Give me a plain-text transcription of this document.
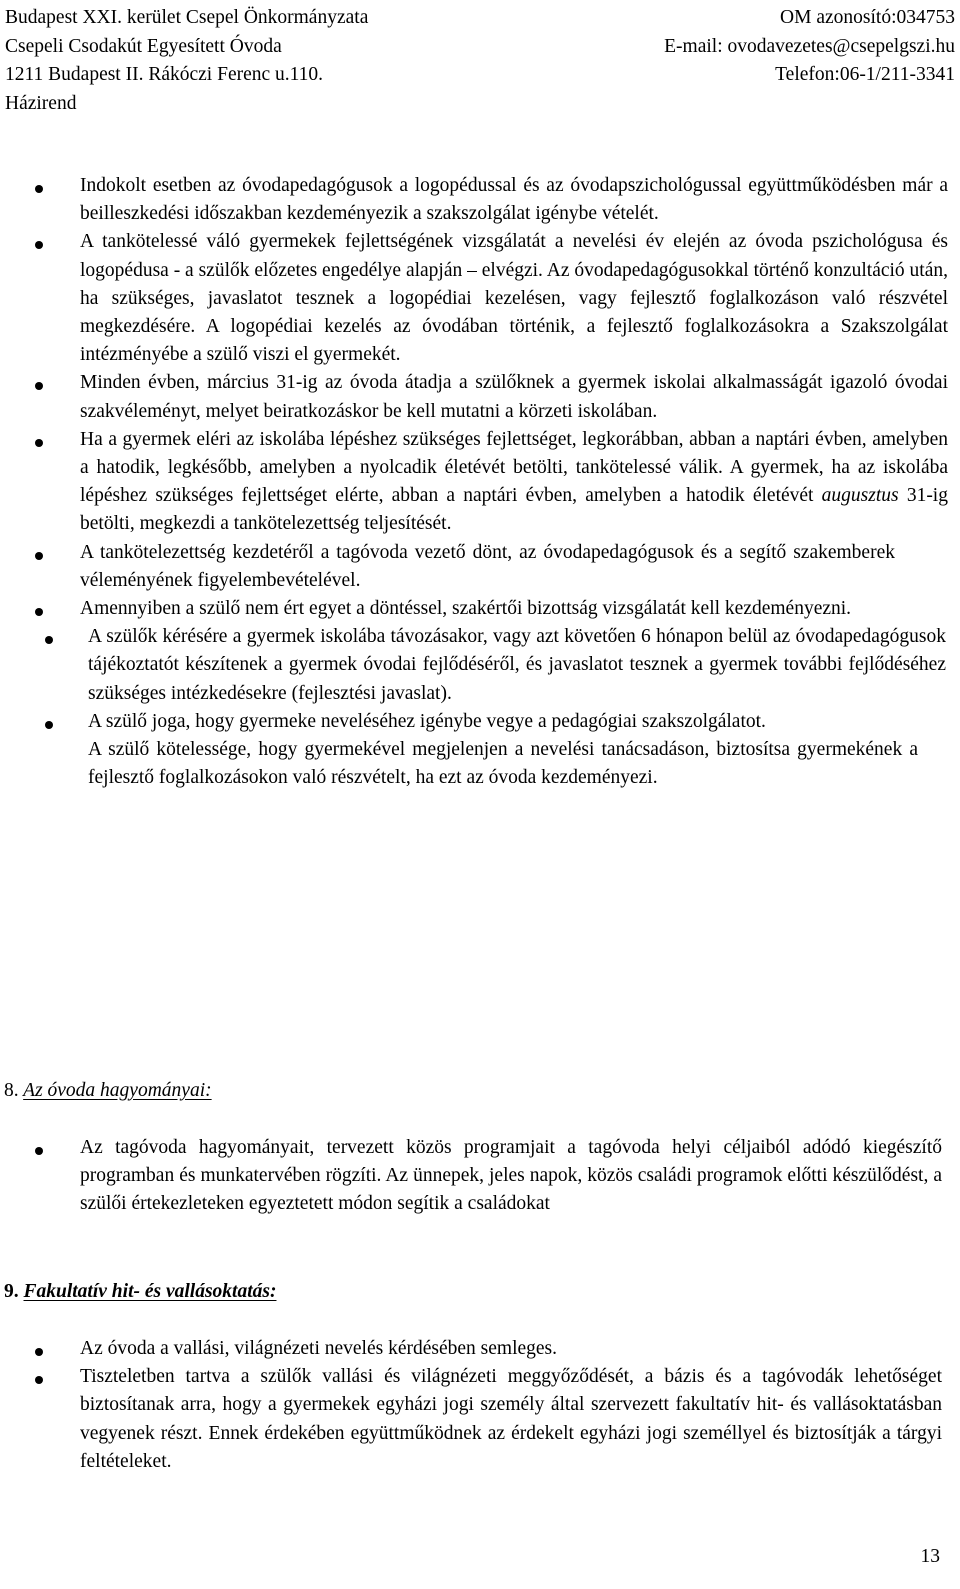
Budapest XXI. kerület Csepel Önkormányzata	OM azonosító:034753
Csepeli Csodakút Egyesített Óvoda	E-mail: ovodavezetes@csepelgszi.hu
1211 Budapest II. Rákóczi Ferenc u.110.	Telefon:06-1/211-3341
Házirend
Indokolt esetben az óvodapedagógusok a logopédussal és az óvodapszichológussal együttműködésben már a beilleszkedési időszakban kezdeményezik a szakszolgálat igénybe vételét.
A tankötelessé váló gyermekek fejlettségének vizsgálatát a nevelési év elején az óvoda pszichológusa és logopédusa - a szülők előzetes engedélye alapján – elvégzi. Az óvodapedagógusokkal történő konzultáció után, ha szükséges, javaslatot tesznek a logopédiai kezelésen, vagy fejlesztő foglalkozáson való részvétel megkezdésére. A logopédiai kezelés az óvodában történik, a fejlesztő foglalkozásokra a Szakszolgálat intézményébe a szülő viszi el gyermekét.
Minden évben, március 31-ig az óvoda átadja a szülőknek a gyermek iskolai alkalmasságát igazoló óvodai szakvéleményt, melyet beiratkozáskor be kell mutatni a körzeti iskolában.
Ha a gyermek eléri az iskolába lépéshez szükséges fejlettséget, legkorábban, abban a naptári évben, amelyben a hatodik, legkésőbb, amelyben a nyolcadik életévét betölti, tankötelessé válik. A gyermek, ha az iskolába lépéshez szükséges fejlettséget elérte, abban a naptári évben, amelyben a hatodik életévét augusztus 31-ig betölti, megkezdi a tankötelezettség teljesítését.
A tankötelezettség kezdetéről a tagóvoda vezető dönt, az óvodapedagógusok és a segítő szakemberek véleményének figyelembevételével.
Amennyiben a szülő nem ért egyet a döntéssel, szakértői bizottság vizsgálatát kell kezdeményezni.
A szülők kérésére a gyermek iskolába távozásakor, vagy azt követően 6 hónapon belül az óvodapedagógusok tájékoztatót készítenek a gyermek óvodai fejlődéséről, és javaslatot tesznek a gyermek további fejlődéséhez szükséges intézkedésekre (fejlesztési javaslat).
A szülő joga, hogy gyermeke neveléséhez igénybe vegye a pedagógiai szakszolgálatot.
A szülő kötelessége, hogy gyermekével megjelenjen a nevelési tanácsadáson, biztosítsa gyermekének a fejlesztő foglalkozásokon való részvételt, ha ezt az óvoda kezdeményezi.
8. Az óvoda hagyományai:
Az tagóvoda hagyományait, tervezett közös programjait a tagóvoda helyi céljaiból adódó kiegészítő programban és munkatervében rögzíti. Az ünnepek, jeles napok, közös családi programok előtti készülődést, a szülői értekezleteken egyeztetett módon segítik a családokat
9. Fakultatív hit- és vallásoktatás:
Az óvoda a vallási, világnézeti nevelés kérdésében semleges.
Tiszteletben tartva a szülők vallási és világnézeti meggyőződését, a bázis és a tagóvodák lehetőséget biztosítanak arra, hogy a gyermekek egyházi jogi személy által szervezett fakultatív hit- és vallásoktatásban vegyenek részt. Ennek érdekében együttműködnek az érdekelt egyházi jogi személlyel és biztosítják a tárgyi feltételeket.
13
